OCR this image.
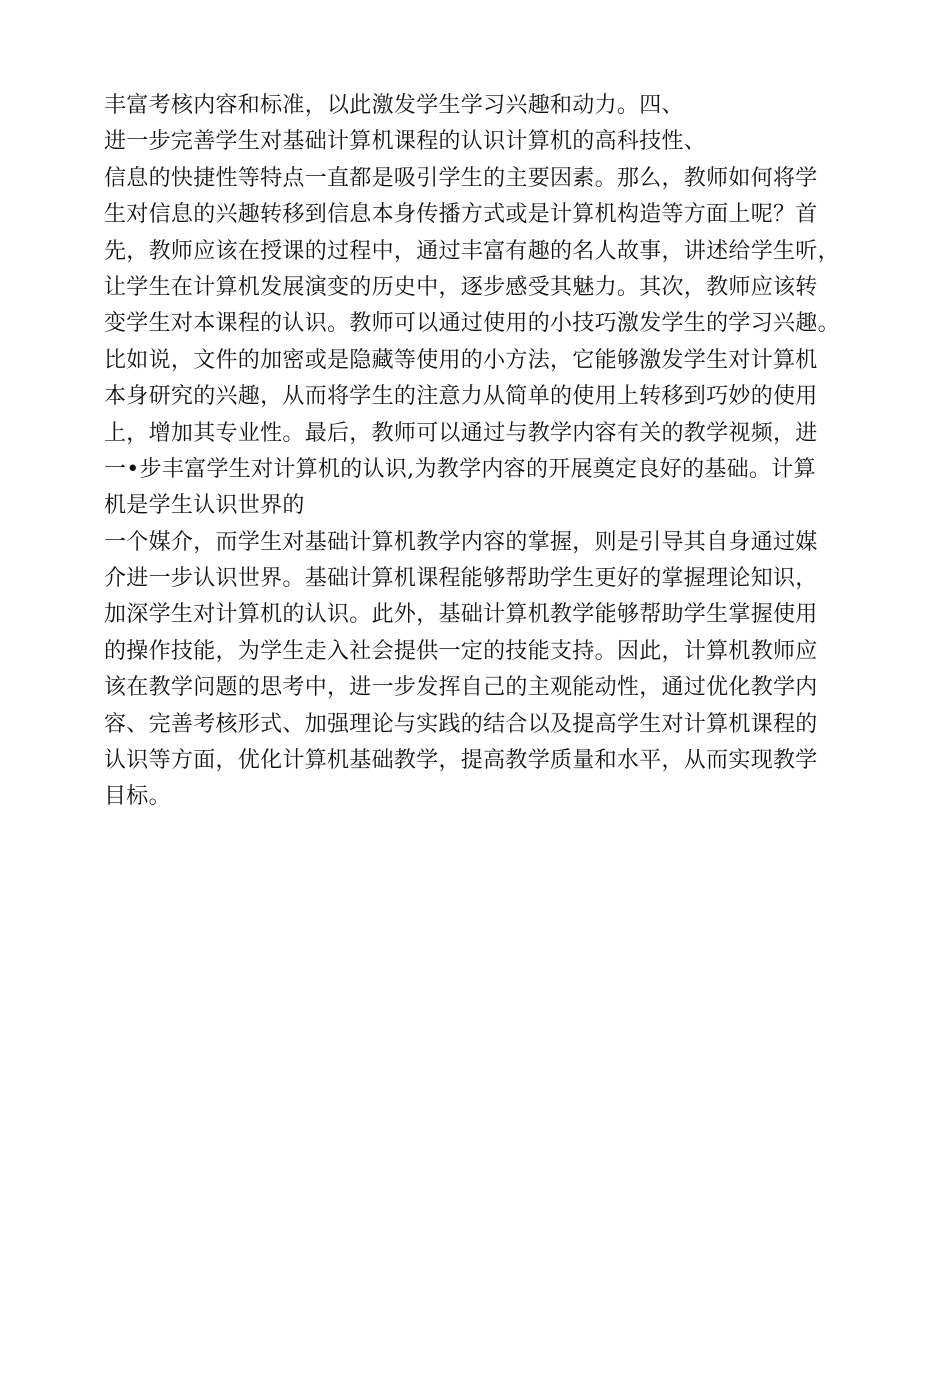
丰富考核内容和标准，以此激发学生学习兴趣和动力。四、
进一步完善学生对基础计算机课程的认识计算机的高科技性、
信息的快捷性等特点一直都是吸引学生的主要因素。那么，教师如何将学
生对信息的兴趣转移到信息本身传播方式或是计算机构造等方面上呢？首
先，教师应该在授课的过程中，通过丰富有趣的名人故事，讲述给学生听，
让学生在计算机发展演变的历史中，逐步感受其魅力。其次，教师应该转
变学生对本课程的认识。教师可以通过使用的小技巧激发学生的学习兴趣。
比如说，文件的加密或是隐藏等使用的小方法，它能够激发学生对计算机
本身研究的兴趣，从而将学生的注意力从简单的使用上转移到巧妙的使用
上，增加其专业性。最后，教师可以通过与教学内容有关的教学视频，进
一•步丰富学生对计算机的认识,为教学内容的开展奠定良好的基础。计算
机是学生认识世界的
一个媒介，而学生对基础计算机教学内容的掌握，则是引导其自身通过媒
介进一步认识世界。基础计算机课程能够帮助学生更好的掌握理论知识，
加深学生对计算机的认识。此外，基础计算机教学能够帮助学生掌握使用
的操作技能，为学生走入社会提供一定的技能支持。因此，计算机教师应
该在教学问题的思考中，进一步发挥自己的主观能动性，通过优化教学内
容、完善考核形式、加强理论与实践的结合以及提高学生对计算机课程的
认识等方面，优化计算机基础教学，提高教学质量和水平，从而实现教学
目标。
